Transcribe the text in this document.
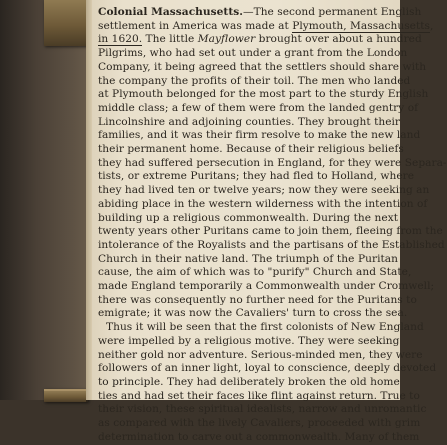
Colonial Massachusetts.—The second permanent English
settlement in America was made at Plymouth, Massachusetts,
in 1620. The little Mayflower brought over about a hundred
Pilgrims, who had set out under a grant from the London
Company, it being agreed that the settlers should share with
the company the profits of their toil. The men who landed
at Plymouth belonged for the most part to the sturdy English
middle class; a few of them were from the landed gentry of
Lincolnshire and adjoining counties. They brought their
families, and it was their firm resolve to make the new land
their permanent home. Because of their religious beliefs
they had suffered persecution in England, for they were Separa-
tists, or extreme Puritans; they had fled to Holland, where
they had lived ten or twelve years; now they were seeking an
abiding place in the western wilderness with the intention of
building up a religious commonwealth. During the next
twenty years other Puritans came to join them, fleeing from the
intolerance of the Royalists and the partisans of the Established
Church in their native land. The triumph of the Puritan
cause, the aim of which was to "purify" Church and State,
made England temporarily a Commonwealth under Cromwell;
there was consequently no further need for the Puritans to
emigrate; it was now the Cavaliers' turn to cross the sea.
Thus it will be seen that the first colonists of New England
were impelled by a religious motive. They were seeking
neither gold nor adventure. Serious-minded men, they were
followers of an inner light, loyal to conscience, deeply devoted
to principle. They had deliberately broken the old home
ties and had set their faces like flint against return. True to
their vision, these spiritual idealists, narrow and unromantic
as compared with the lively Cavaliers, proceeded with grim
determination to carve out a commonwealth. Many of them
